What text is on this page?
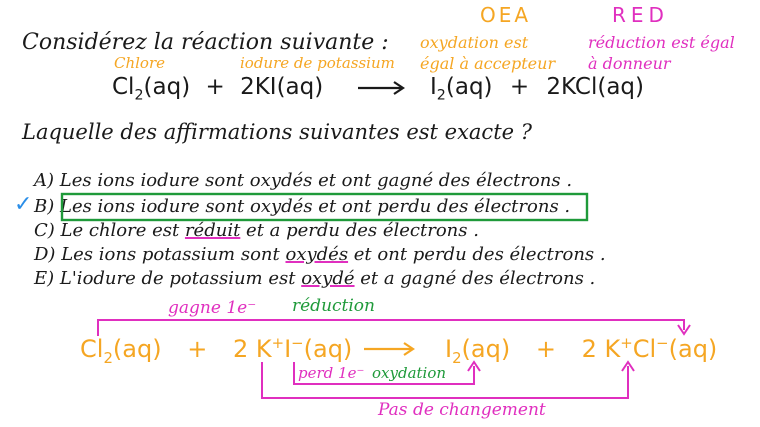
Considérez la réaction suivante :
OEA
oxydation est
égal à accepteur
RED
réduction est égal
à donneur
Chlore	iodure de potassium
$Cl_2(aq) + 2KI(aq)$	$I_2(aq) + 2KCl(aq)$
Laquelle des affirmations suivantes est exacte ?
A) Les ions iodure sont oxydés et ont gagné des électrons .
✓ B) Les ions iodure sont oxydés et ont perdu des électrons .
C) Le chlore est réduit et a perdu des électrons .
D) Les ions potassium sont oxydés et ont perdu des électrons .
E) L'iodure de potassium est oxydé et a gagné des électrons .
$Cl_2(aq) + 2$ K+I−(aq)	$I_2(aq) + 2$ K+Cl−(aq)
gagne 1e⁻ réduction
perd 1e⁻ oxydation
Pas de changement
